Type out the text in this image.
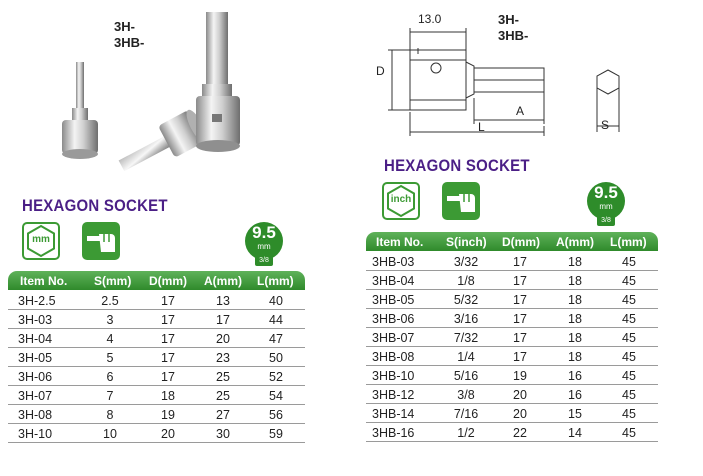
3H-
3HB-
HEXAGON SOCKET
mm	9.5
mm
3/8
Item No. S(mm) D(mm) A(mm) L(mm)
3H-2.5	2.5	17	13	40
3H-03	3	17	17	44
3H-04	4	17	20	47
3H-05	5	17	23	50
3H-06	6	17	25	52
3H-07	7	18	25	54
3H-08	8	19	27	56
3H-10	10	20	30	59
3H-
3HB-
13.0
D
A
L	S
HEXAGON SOCKET
inch	9.5
mm
3/8
Item No. S(inch) D(mm) A(mm) L(mm)
3HB-03	3/32	17	18	45
3HB-04	1/8	17	18	45
3HB-05	5/32	17	18	45
3HB-06	3/16	17	18	45
3HB-07	7/32	17	18	45
3HB-08	1/4	17	18	45
3HB-10	5/16	19	16	45
3HB-12	3/8	20	16	45
3HB-14	7/16	20	15	45
3HB-16	1/2	22	14	45
